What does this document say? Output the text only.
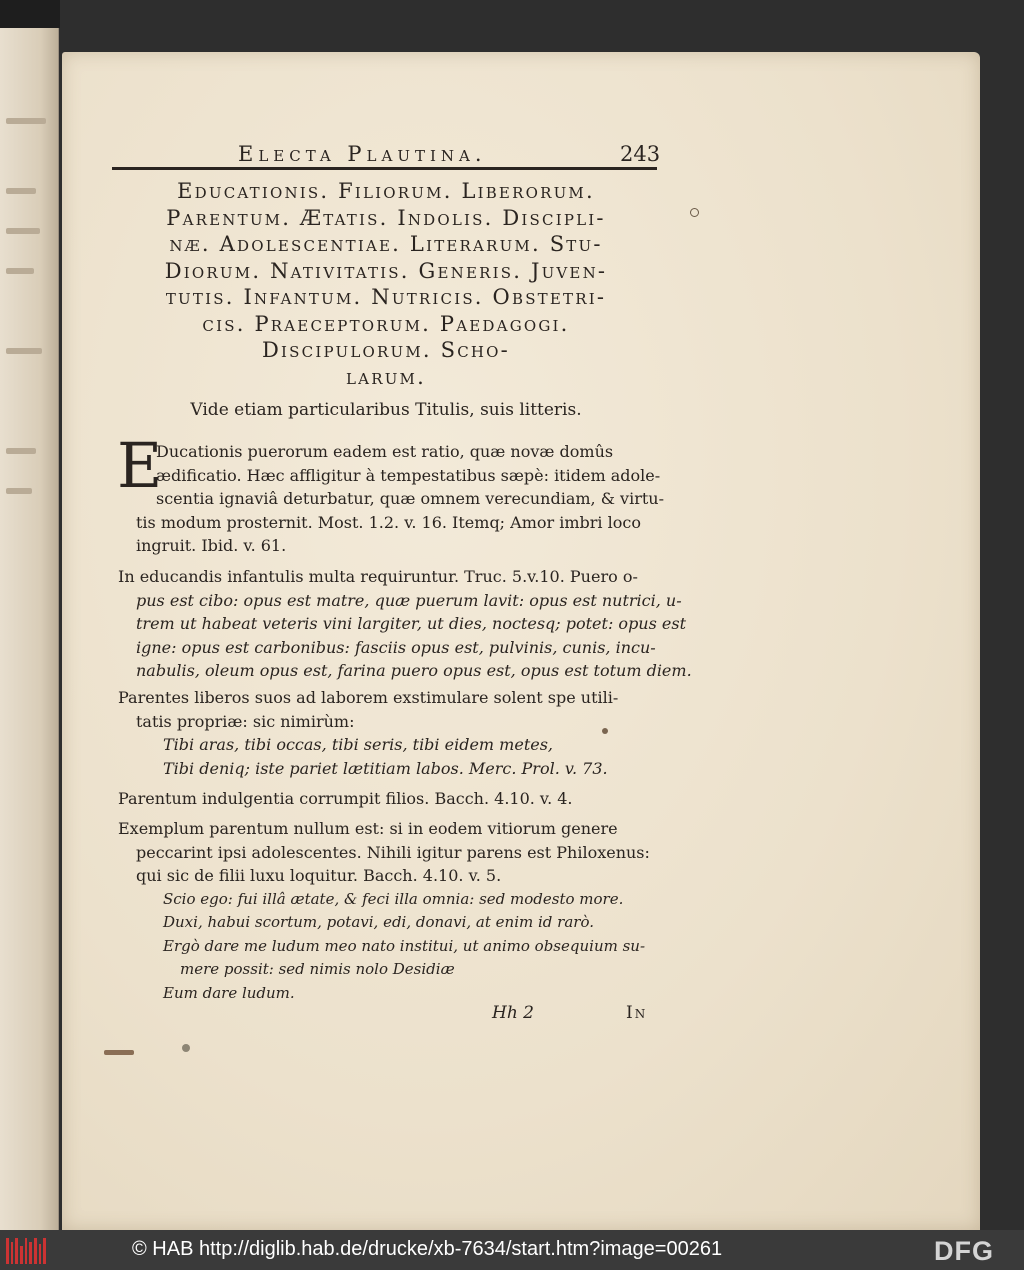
Electa Plautina.	243
Educationis. Filiorum. Liberorum.
Parentum. Ætatis. Indolis. Discipli-
næ. Adolescentiae. Literarum. Stu-
Diorum. Nativitatis. Generis. Juven-
tutis. Infantum. Nutricis. Obstetri-
cis. Praeceptorum. Paedagogi.
Discipulorum. Scho-
larum.
Vide etiam particularibus Titulis, suis litteris.
E
Ducationis puerorum eadem est ratio, quæ novæ domûs
ædificatio. Hæc affligitur à tempestatibus sæpè: itidem adole-
scentia ignaviâ deturbatur, quæ omnem verecundiam, & virtu-
tis modum prosternit. Most. 1.2. v. 16. Itemq; Amor imbri loco
ingruit. Ibid. v. 61.
In educandis infantulis multa requiruntur. Truc. 5.v.10. Puero o-
pus est cibo: opus est matre, quæ puerum lavit: opus est nutrici, u-
trem ut habeat veteris vini largiter, ut dies, noctesq; potet: opus est
igne: opus est carbonibus: fasciis opus est, pulvinis, cunis, incu-
nabulis, oleum opus est, farina puero opus est, opus est totum diem.
Parentes liberos suos ad laborem exstimulare solent spe utili-
tatis propriæ: sic nimirùm:
Tibi aras, tibi occas, tibi seris, tibi eidem metes,
Tibi deniq; iste pariet lætitiam labos. Merc. Prol. v. 73.
Parentum indulgentia corrumpit filios. Bacch. 4.10. v. 4.
Exemplum parentum nullum est: si in eodem vitiorum genere
peccarint ipsi adolescentes. Nihili igitur parens est Philoxenus:
qui sic de filii luxu loquitur. Bacch. 4.10. v. 5.
Scio ego: fui illâ ætate, & feci illa omnia: sed modesto more.
Duxi, habui scortum, potavi, edi, donavi, at enim id rarò.
Ergò dare me ludum meo nato institui, ut animo obsequium su-
mere possit: sed nimis nolo Desidiæ
Eum dare ludum.
Hh 2	In
© HAB http://diglib.hab.de/drucke/xb-7634/start.htm?image=00261	DFG
